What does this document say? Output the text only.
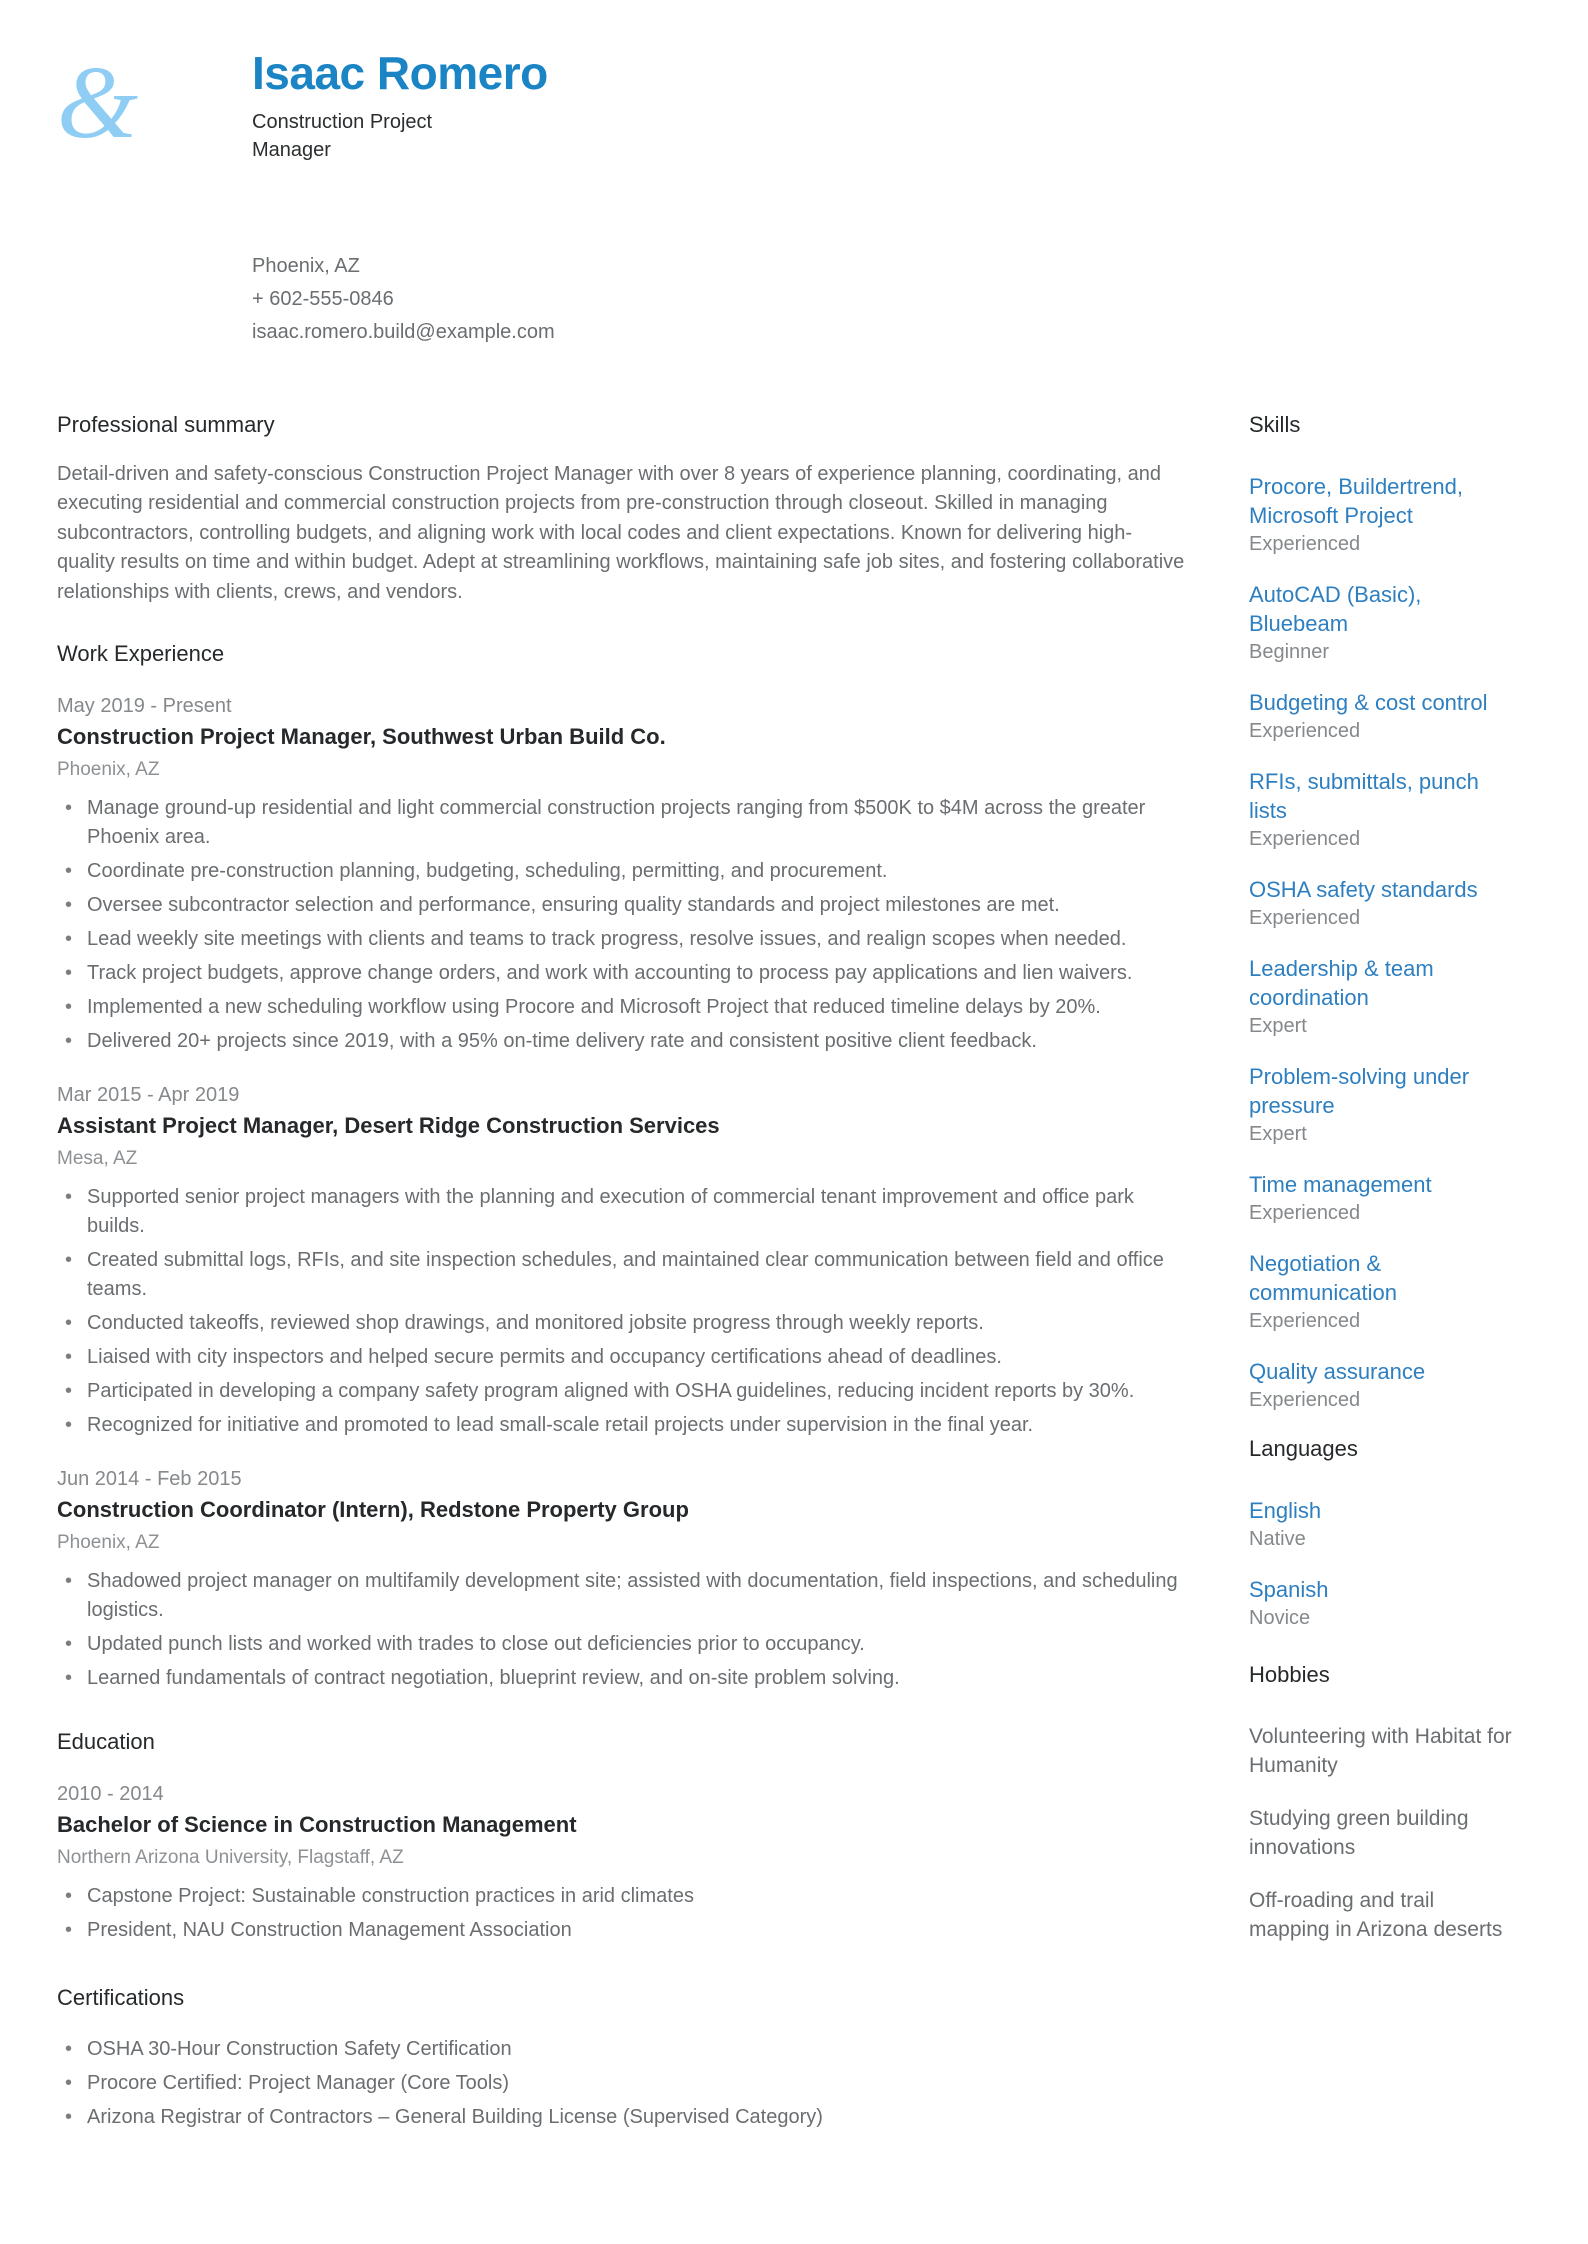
&	Isaac Romero
Construction Project Manager
Phoenix, AZ
+ 602-555-0846
isaac.romero.build@example.com
Professional summary

Detail-driven and safety-conscious Construction Project Manager with over 8 years of experience planning, coordinating, and executing residential and commercial construction projects from pre-construction through closeout. Skilled in managing subcontractors, controlling budgets, and aligning work with local codes and client expectations. Known for delivering high-quality results on time and within budget. Adept at streamlining workflows, maintaining safe job sites, and fostering collaborative relationships with clients, crews, and vendors.

Work Experience
May 2019 - Present
Construction Project Manager, Southwest Urban Build Co.
Phoenix, AZ
• Manage ground-up residential and light commercial construction projects ranging from $500K to $4M across the greater Phoenix area.
• Coordinate pre-construction planning, budgeting, scheduling, permitting, and procurement.
• Oversee subcontractor selection and performance, ensuring quality standards and project milestones are met.
• Lead weekly site meetings with clients and teams to track progress, resolve issues, and realign scopes when needed.
• Track project budgets, approve change orders, and work with accounting to process pay applications and lien waivers.
• Implemented a new scheduling workflow using Procore and Microsoft Project that reduced timeline delays by 20%.
• Delivered 20+ projects since 2019, with a 95% on-time delivery rate and consistent positive client feedback.
Mar 2015 - Apr 2019
Assistant Project Manager, Desert Ridge Construction Services
Mesa, AZ
• Supported senior project managers with the planning and execution of commercial tenant improvement and office park builds.
• Created submittal logs, RFIs, and site inspection schedules, and maintained clear communication between field and office teams.
• Conducted takeoffs, reviewed shop drawings, and monitored jobsite progress through weekly reports.
• Liaised with city inspectors and helped secure permits and occupancy certifications ahead of deadlines.
• Participated in developing a company safety program aligned with OSHA guidelines, reducing incident reports by 30%.
• Recognized for initiative and promoted to lead small-scale retail projects under supervision in the final year.
Jun 2014 - Feb 2015
Construction Coordinator (Intern), Redstone Property Group
Phoenix, AZ
• Shadowed project manager on multifamily development site; assisted with documentation, field inspections, and scheduling logistics.
• Updated punch lists and worked with trades to close out deficiencies prior to occupancy.
• Learned fundamentals of contract negotiation, blueprint review, and on-site problem solving.
Education
2010 - 2014
Bachelor of Science in Construction Management
Northern Arizona University, Flagstaff, AZ
• Capstone Project: Sustainable construction practices in arid climates
• President, NAU Construction Management Association
Certifications
• OSHA 30-Hour Construction Safety Certification
• Procore Certified: Project Manager (Core Tools)
• Arizona Registrar of Contractors – General Building License (Supervised Category)
Skills
Procore, Buildertrend, Microsoft Project
Experienced
AutoCAD (Basic), Bluebeam
Beginner
Budgeting & cost control
Experienced
RFIs, submittals, punch lists
Experienced
OSHA safety standards
Experienced
Leadership & team coordination
Expert
Problem-solving under pressure
Expert
Time management
Experienced
Negotiation & communication
Experienced
Quality assurance
Experienced
Languages
English
Native
Spanish
Novice
Hobbies
Volunteering with Habitat for Humanity
Studying green building innovations
Off-roading and trail mapping in Arizona deserts
